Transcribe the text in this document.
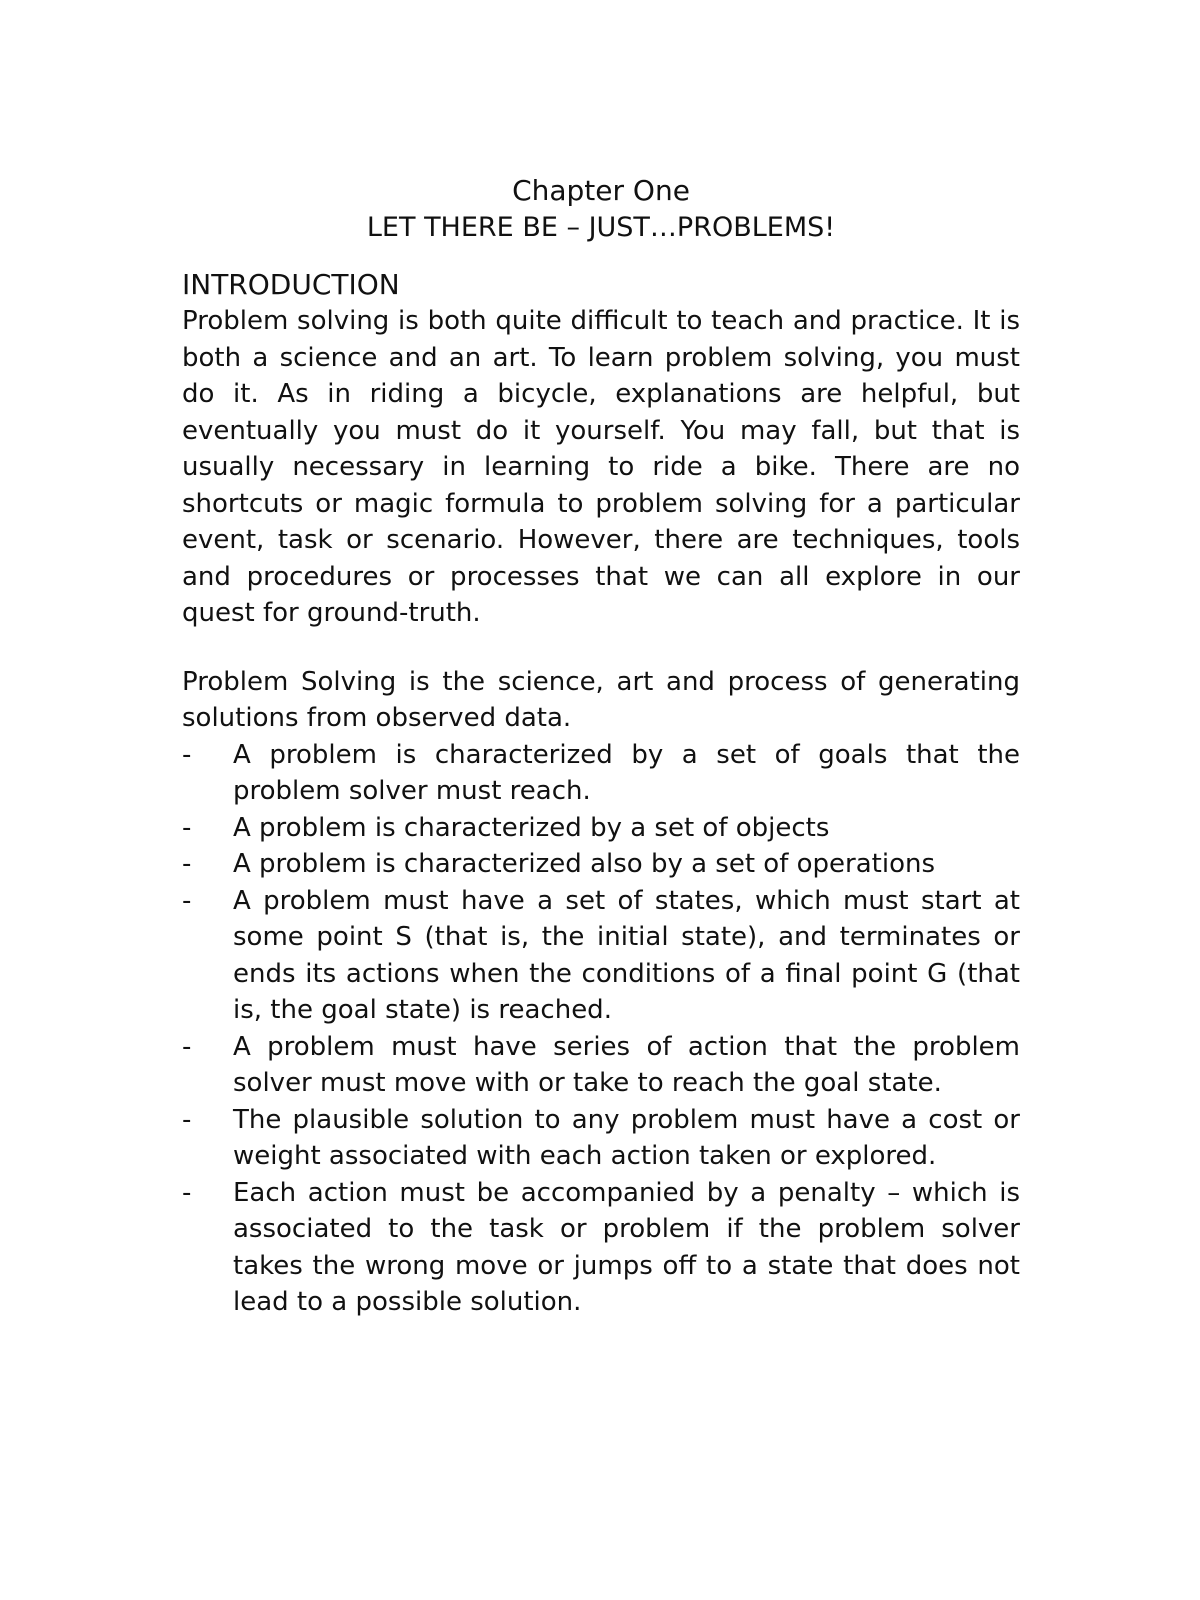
Chapter One
LET THERE BE – JUST…PROBLEMS!
INTRODUCTION

Problem solving is both quite difficult to teach and practice. It is both a science and an art. To learn problem solving, you must do it. As in riding a bicycle, explanations are helpful, but eventually you must do it yourself. You may fall, but that is usually necessary in learning to ride a bike. There are no shortcuts or magic formula to problem solving for a particular event, task or scenario. However, there are techniques, tools and procedures or processes that we can all explore in our quest for ground-truth.

Problem Solving is the science, art and process of generating solutions from observed data.

- A problem is characterized by a set of goals that the problem solver must reach.
- A problem is characterized by a set of objects
- A problem is characterized also by a set of operations
- A problem must have a set of states, which must start at some point S (that is, the initial state), and terminates or ends its actions when the conditions of a final point G (that is, the goal state) is reached.
- A problem must have series of action that the problem solver must move with or take to reach the goal state.
- The plausible solution to any problem must have a cost or weight associated with each action taken or explored.
- Each action must be accompanied by a penalty – which is associated to the task or problem if the problem solver takes the wrong move or jumps off to a state that does not lead to a possible solution.
